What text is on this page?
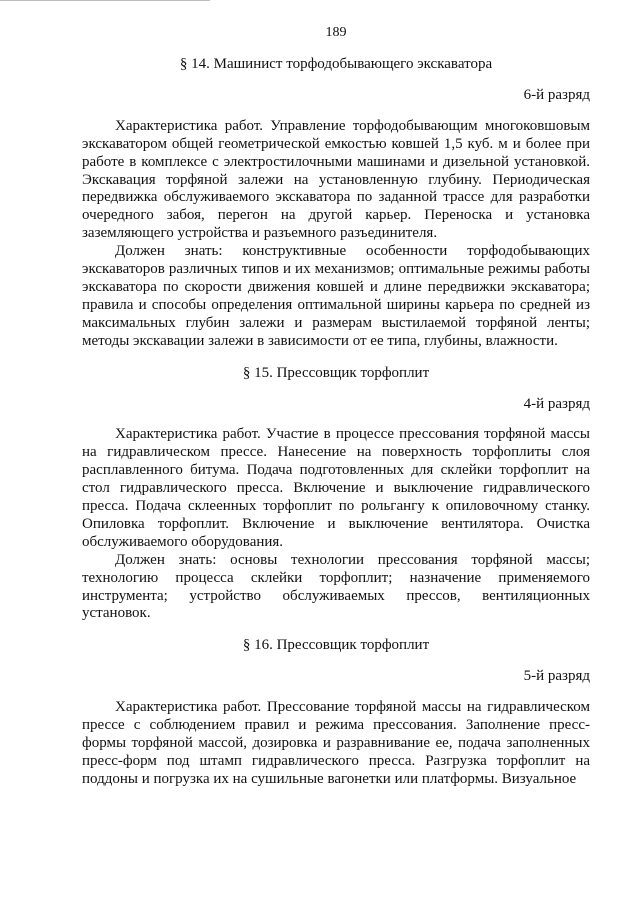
189

§ 14. Машинист торфодобывающего экскаватора

6-й разряд

Характеристика работ. Управление торфодобывающим многоковшовым экскаватором общей геометрической емкостью ковшей 1,5 куб. м и более при работе в комплексе с электростилочными машинами и дизельной установкой. Экскавация торфяной залежи на установленную глубину. Периодическая передвижка обслуживаемого экскаватора по заданной трассе для разработки очередного забоя, перегон на другой карьер. Переноска и установка заземляющего устройства и разъемного разъединителя.

Должен знать: конструктивные особенности торфодобывающих экскаваторов различных типов и их механизмов; оптимальные режимы работы экскаватора по скорости движения ковшей и длине передвижки экскаватора; правила и способы определения оптимальной ширины карьера по средней из максимальных глубин залежи и размерам выстилаемой торфяной ленты; методы экскавации залежи в зависимости от ее типа, глубины, влажности.

§ 15. Прессовщик торфоплит

4-й разряд

Характеристика работ. Участие в процессе прессования торфяной массы на гидравлическом прессе. Нанесение на поверхность торфоплиты слоя расплавленного битума. Подача подготовленных для склейки торфоплит на стол гидравлического пресса. Включение и выключение гидравлического пресса. Подача склеенных торфоплит по рольгангу к опиловочному станку. Опиловка торфоплит. Включение и выключение вентилятора. Очистка обслуживаемого оборудования.

Должен знать: основы технологии прессования торфяной массы; технологию процесса склейки торфоплит; назначение применяемого инструмента; устройство обслуживаемых прессов, вентиляционных установок.

§ 16. Прессовщик торфоплит

5-й разряд

Характеристика работ. Прессование торфяной массы на гидравлическом прессе с соблюдением правил и режима прессования. Заполнение пресс-формы торфяной массой, дозировка и разравнивание ее, подача заполненных пресс-форм под штамп гидравлического пресса. Разгрузка торфоплит на поддоны и погрузка их на сушильные вагонетки или платформы. Визуальное
